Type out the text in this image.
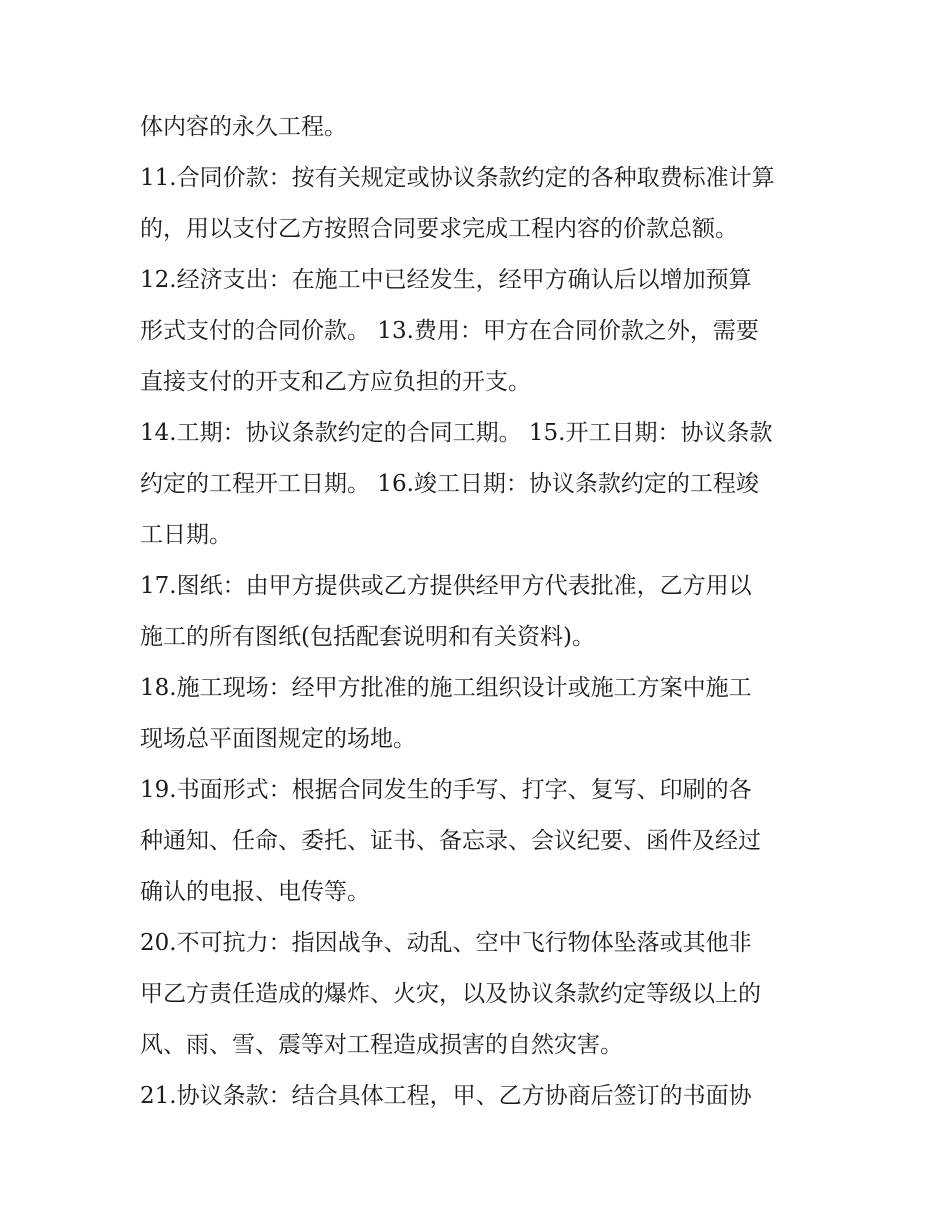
体内容的永久工程。
11.合同价款：按有关规定或协议条款约定的各种取费标准计算
的，用以支付乙方按照合同要求完成工程内容的价款总额。
12.经济支出：在施工中已经发生，经甲方确认后以增加预算
形式支付的合同价款。 13.费用：甲方在合同价款之外，需要
直接支付的开支和乙方应负担的开支。
14.工期：协议条款约定的合同工期。 15.开工日期：协议条款
约定的工程开工日期。 16.竣工日期：协议条款约定的工程竣
工日期。
17.图纸：由甲方提供或乙方提供经甲方代表批准，乙方用以
施工的所有图纸(包括配套说明和有关资料)。
18.施工现场：经甲方批准的施工组织设计或施工方案中施工
现场总平面图规定的场地。
19.书面形式：根据合同发生的手写、打字、复写、印刷的各
种通知、任命、委托、证书、备忘录、会议纪要、函件及经过
确认的电报、电传等。
20.不可抗力：指因战争、动乱、空中飞行物体坠落或其他非
甲乙方责任造成的爆炸、火灾，以及协议条款约定等级以上的
风、雨、雪、震等对工程造成损害的自然灾害。
21.协议条款：结合具体工程，甲、乙方协商后签订的书面协
